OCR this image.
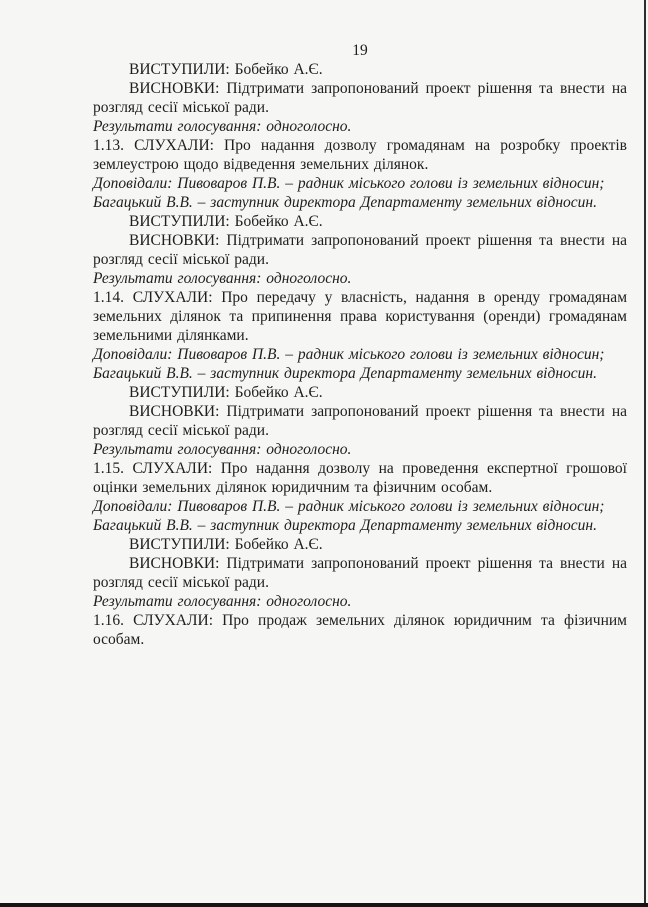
19

ВИСТУПИЛИ: Бобейко А.Є.

ВИСНОВКИ: Підтримати запропонований проект рішення та внести на розгляд сесії міської ради.

Результати голосування: одноголосно.

1.13. СЛУХАЛИ: Про надання дозволу громадянам на розробку проектів землеустрою щодо відведення земельних ділянок.

Доповідали: Пивоваров П.В. – радник міського голови із земельних відносин;

Багацький В.В. – заступник директора Департаменту земельних відносин.

ВИСТУПИЛИ: Бобейко А.Є.

ВИСНОВКИ: Підтримати запропонований проект рішення та внести на розгляд сесії міської ради.

Результати голосування: одноголосно.

1.14. СЛУХАЛИ: Про передачу у власність, надання в оренду громадянам земельних ділянок та припинення права користування (оренди) громадянам земельними ділянками.

Доповідали: Пивоваров П.В. – радник міського голови із земельних відносин;

Багацький В.В. – заступник директора Департаменту земельних відносин.

ВИСТУПИЛИ: Бобейко А.Є.

ВИСНОВКИ: Підтримати запропонований проект рішення та внести на розгляд сесії міської ради.

Результати голосування: одноголосно.

1.15. СЛУХАЛИ: Про надання дозволу на проведення експертної грошової оцінки земельних ділянок юридичним та фізичним особам.

Доповідали: Пивоваров П.В. – радник міського голови із земельних відносин;

Багацький В.В. – заступник директора Департаменту земельних відносин.

ВИСТУПИЛИ: Бобейко А.Є.

ВИСНОВКИ: Підтримати запропонований проект рішення та внести на розгляд сесії міської ради.

Результати голосування: одноголосно.

1.16. СЛУХАЛИ: Про продаж земельних ділянок юридичним та фізичним особам.
